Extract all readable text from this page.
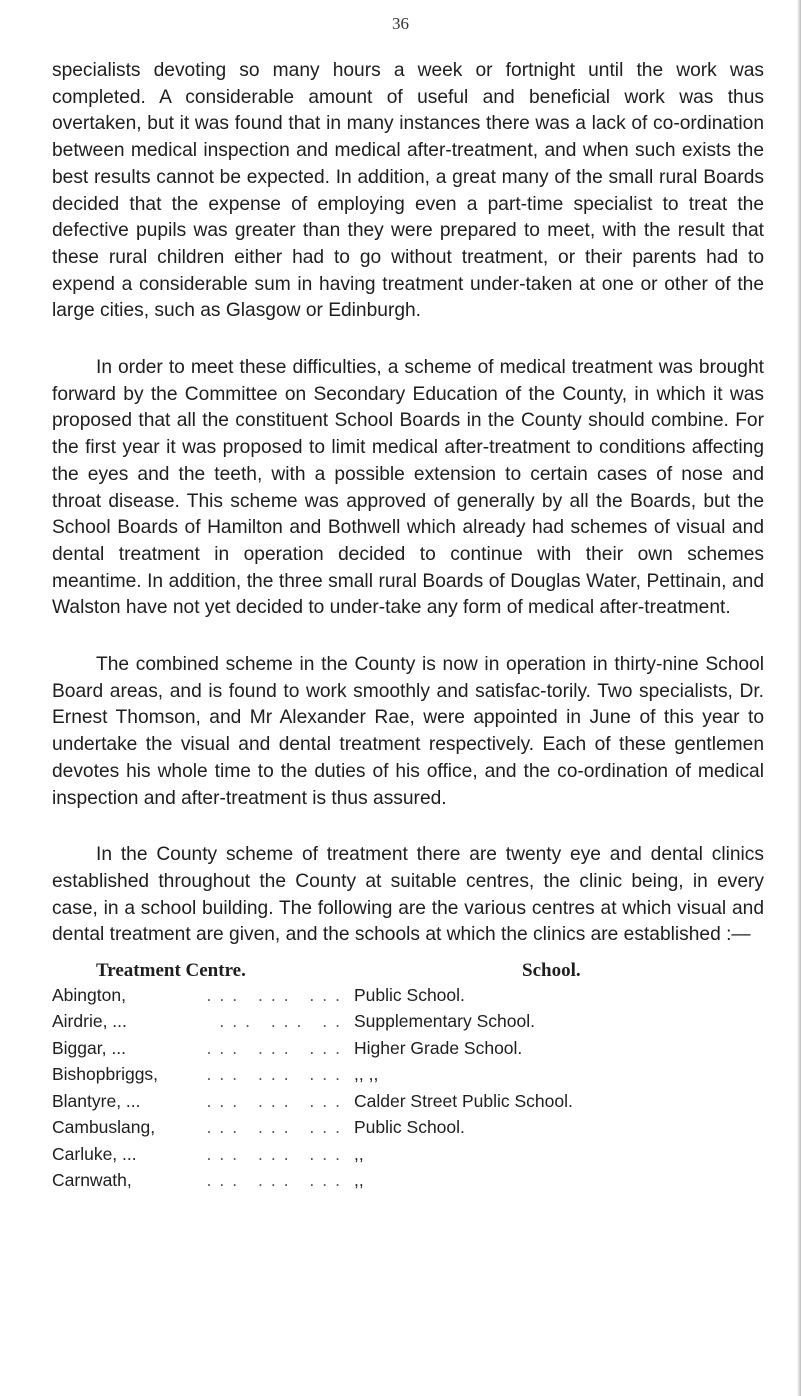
36

specialists devoting so many hours a week or fortnight until the work was completed. A considerable amount of useful and beneficial work was thus overtaken, but it was found that in many instances there was a lack of co-ordination between medical inspection and medical after-treatment, and when such exists the best results cannot be expected. In addition, a great many of the small rural Boards decided that the expense of employing even a part-time specialist to treat the defective pupils was greater than they were prepared to meet, with the result that these rural children either had to go without treatment, or their parents had to expend a considerable sum in having treatment under-taken at one or other of the large cities, such as Glasgow or Edinburgh.

In order to meet these difficulties, a scheme of medical treatment was brought forward by the Committee on Secondary Education of the County, in which it was proposed that all the constituent School Boards in the County should combine. For the first year it was proposed to limit medical after-treatment to conditions affecting the eyes and the teeth, with a possible extension to certain cases of nose and throat disease. This scheme was approved of generally by all the Boards, but the School Boards of Hamilton and Bothwell which already had schemes of visual and dental treatment in operation decided to continue with their own schemes meantime. In addition, the three small rural Boards of Douglas Water, Pettinain, and Walston have not yet decided to under-take any form of medical after-treatment.

The combined scheme in the County is now in operation in thirty-nine School Board areas, and is found to work smoothly and satisfac-torily. Two specialists, Dr. Ernest Thomson, and Mr Alexander Rae, were appointed in June of this year to undertake the visual and dental treatment respectively. Each of these gentlemen devotes his whole time to the duties of his office, and the co-ordination of medical inspection and after-treatment is thus assured.

In the County scheme of treatment there are twenty eye and dental clinics established throughout the County at suitable centres, the clinic being, in every case, in a school building. The following are the various centres at which visual and dental treatment are given, and the schools at which the clinics are established :—

Treatment Centre.	School.
Abington,	... ... ... Public School.
Airdrie, ...	... ... .. Supplementary School.
Biggar, ...	... ... ... Higher Grade School.
Bishopbriggs,	... ... ... ,, ,,
Blantyre, ...	... ... ... Calder Street Public School.
Cambuslang,	... ... ... Public School.
Carluke, ...	... ... ... ,,
Carnwath,	... ... ... ,,
